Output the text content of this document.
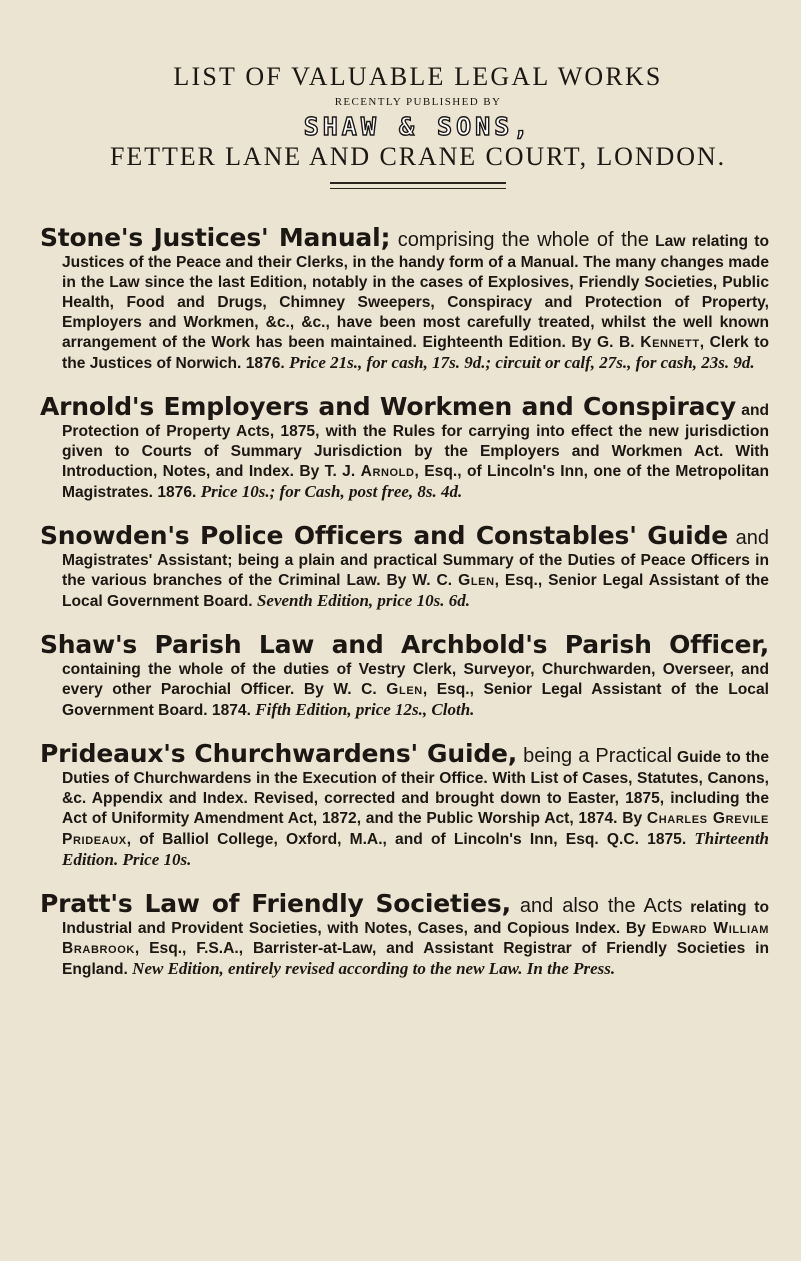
LIST OF VALUABLE LEGAL WORKS
RECENTLY PUBLISHED BY
SHAW & SONS,
FETTER LANE AND CRANE COURT, LONDON.

Stone's Justices' Manual; comprising the whole of the Law relating to Justices of the Peace and their Clerks, in the handy form of a Manual. The many changes made in the Law since the last Edition, notably in the cases of Explosives, Friendly Societies, Public Health, Food and Drugs, Chimney Sweepers, Conspiracy and Protection of Property, Employers and Workmen, &c., &c., have been most carefully treated, whilst the well known arrangement of the Work has been maintained. Eighteenth Edition. By G. B. Kennett, Clerk to the Justices of Norwich. 1876. Price 21s., for cash, 17s. 9d.; circuit or calf, 27s., for cash, 23s. 9d.

Arnold's Employers and Workmen and Conspiracy and Protection of Property Acts, 1875, with the Rules for carrying into effect the new jurisdiction given to Courts of Summary Jurisdiction by the Employers and Workmen Act. With Introduction, Notes, and Index. By T. J. Arnold, Esq., of Lincoln's Inn, one of the Metropolitan Magistrates. 1876. Price 10s.; for Cash, post free, 8s. 4d.

Snowden's Police Officers and Constables' Guide and Magistrates' Assistant; being a plain and practical Summary of the Duties of Peace Officers in the various branches of the Criminal Law. By W. C. Glen, Esq., Senior Legal Assistant of the Local Government Board. Seventh Edition, price 10s. 6d.

Shaw's Parish Law and Archbold's Parish Officer, containing the whole of the duties of Vestry Clerk, Surveyor, Churchwarden, Overseer, and every other Parochial Officer. By W. C. Glen, Esq., Senior Legal Assistant of the Local Government Board. 1874. Fifth Edition, price 12s., Cloth.

Prideaux's Churchwardens' Guide, being a Practical Guide to the Duties of Churchwardens in the Execution of their Office. With List of Cases, Statutes, Canons, &c. Appendix and Index. Revised, corrected and brought down to Easter, 1875, including the Act of Uniformity Amendment Act, 1872, and the Public Worship Act, 1874. By Charles Grevile Prideaux, of Balliol College, Oxford, M.A., and of Lincoln's Inn, Esq. Q.C. 1875. Thirteenth Edition. Price 10s.

Pratt's Law of Friendly Societies, and also the Acts relating to Industrial and Provident Societies, with Notes, Cases, and Copious Index. By Edward William Brabrook, Esq., F.S.A., Barrister-at-Law, and Assistant Registrar of Friendly Societies in England. New Edition, entirely revised according to the new Law. In the Press.
